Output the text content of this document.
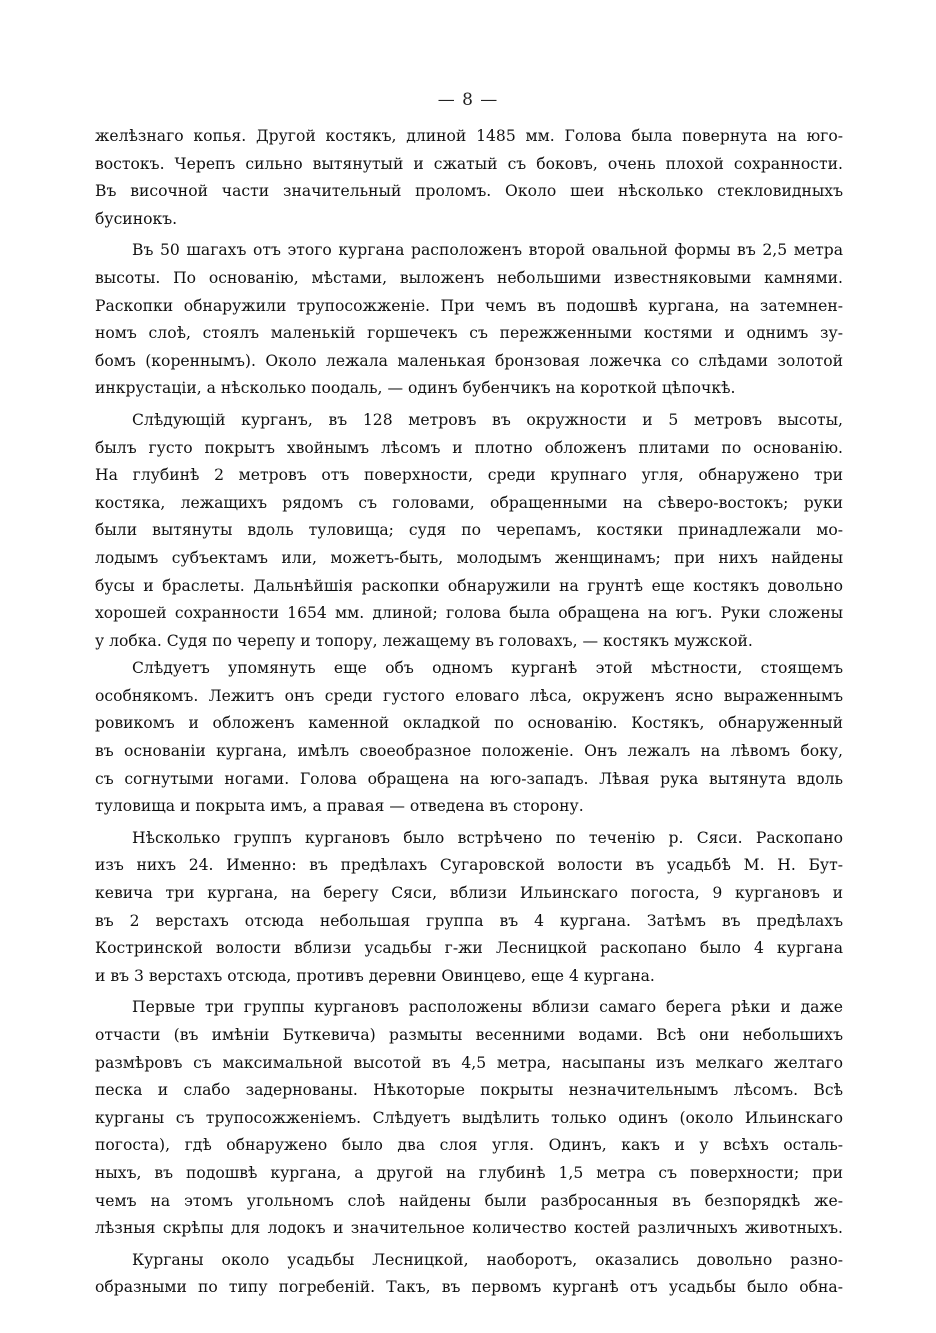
— 8 —
желѣзнаго копья. Другой костякъ, длиной 1485 мм. Голова была повернута на юго-
востокъ. Черепъ сильно вытянутый и сжатый съ боковъ, очень плохой сохранности.
Въ височной части значительный проломъ. Около шеи нѣсколько стекловидныхъ
бусинокъ.
Въ 50 шагахъ отъ этого кургана расположенъ второй овальной формы въ 2,5 метра
высоты. По основанію, мѣстами, выложенъ небольшими известняковыми камнями.
Раскопки обнаружили трупосожженіе. При чемъ въ подошвѣ кургана, на затемнен-
номъ слоѣ, стоялъ маленькій горшечекъ съ пережженными костями и однимъ зу-
бомъ (кореннымъ). Около лежала маленькая бронзовая ложечка со слѣдами золотой
инкрустаціи, а нѣсколько поодаль, — одинъ бубенчикъ на короткой цѣпочкѣ.
Слѣдующій курганъ, въ 128 метровъ въ окружности и 5 метровъ высоты,
былъ густо покрытъ хвойнымъ лѣсомъ и плотно обложенъ плитами по основанію.
На глубинѣ 2 метровъ отъ поверхности, среди крупнаго угля, обнаружено три
костяка, лежащихъ рядомъ съ головами, обращенными на сѣверо-востокъ; руки
были вытянуты вдоль туловища; судя по черепамъ, костяки принадлежали мо-
лодымъ субъектамъ или, можетъ-быть, молодымъ женщинамъ; при нихъ найдены
бусы и браслеты. Дальнѣйшія раскопки обнаружили на грунтѣ еще костякъ довольно
хорошей сохранности 1654 мм. длиной; голова была обращена на югъ. Руки сложены
у лобка. Судя по черепу и топору, лежащему въ головахъ, — костякъ мужской.
Слѣдуетъ упомянуть еще объ одномъ курганѣ этой мѣстности, стоящемъ
особнякомъ. Лежитъ онъ среди густого еловаго лѣса, окруженъ ясно выраженнымъ
ровикомъ и обложенъ каменной окладкой по основанію. Костякъ, обнаруженный
въ основаніи кургана, имѣлъ своеобразное положеніе. Онъ лежалъ на лѣвомъ боку,
съ согнутыми ногами. Голова обращена на юго-западъ. Лѣвая рука вытянута вдоль
туловища и покрыта имъ, а правая — отведена въ сторону.
Нѣсколько группъ кургановъ было встрѣчено по теченію р. Сяси. Раскопано
изъ нихъ 24. Именно: въ предѣлахъ Сугаровской волости въ усадьбѣ М. Н. Бут-
кевича три кургана, на берегу Сяси, вблизи Ильинскаго погоста, 9 кургановъ и
въ 2 верстахъ отсюда небольшая группа въ 4 кургана. Затѣмъ въ предѣлахъ
Костринской волости вблизи усадьбы г-жи Лесницкой раскопано было 4 кургана
и въ 3 верстахъ отсюда, противъ деревни Овинцево, еще 4 кургана.
Первые три группы кургановъ расположены вблизи самаго берега рѣки и даже
отчасти (въ имѣніи Буткевича) размыты весенними водами. Всѣ они небольшихъ
размѣровъ съ максимальной высотой въ 4,5 метра, насыпаны изъ мелкаго желтаго
песка и слабо задернованы. Нѣкоторые покрыты незначительнымъ лѣсомъ. Всѣ
курганы съ трупосожженіемъ. Слѣдуетъ выдѣлить только одинъ (около Ильинскаго
погоста), гдѣ обнаружено было два слоя угля. Одинъ, какъ и у всѣхъ осталь-
ныхъ, въ подошвѣ кургана, а другой на глубинѣ 1,5 метра съ поверхности; при
чемъ на этомъ угольномъ слоѣ найдены были разбросанныя въ безпорядкѣ же-
лѣзныя скрѣпы для лодокъ и значительное количество костей различныхъ животныхъ.
Курганы около усадьбы Лесницкой, наоборотъ, оказались довольно разно-
образными по типу погребеній. Такъ, въ первомъ курганѣ отъ усадьбы было обна-
